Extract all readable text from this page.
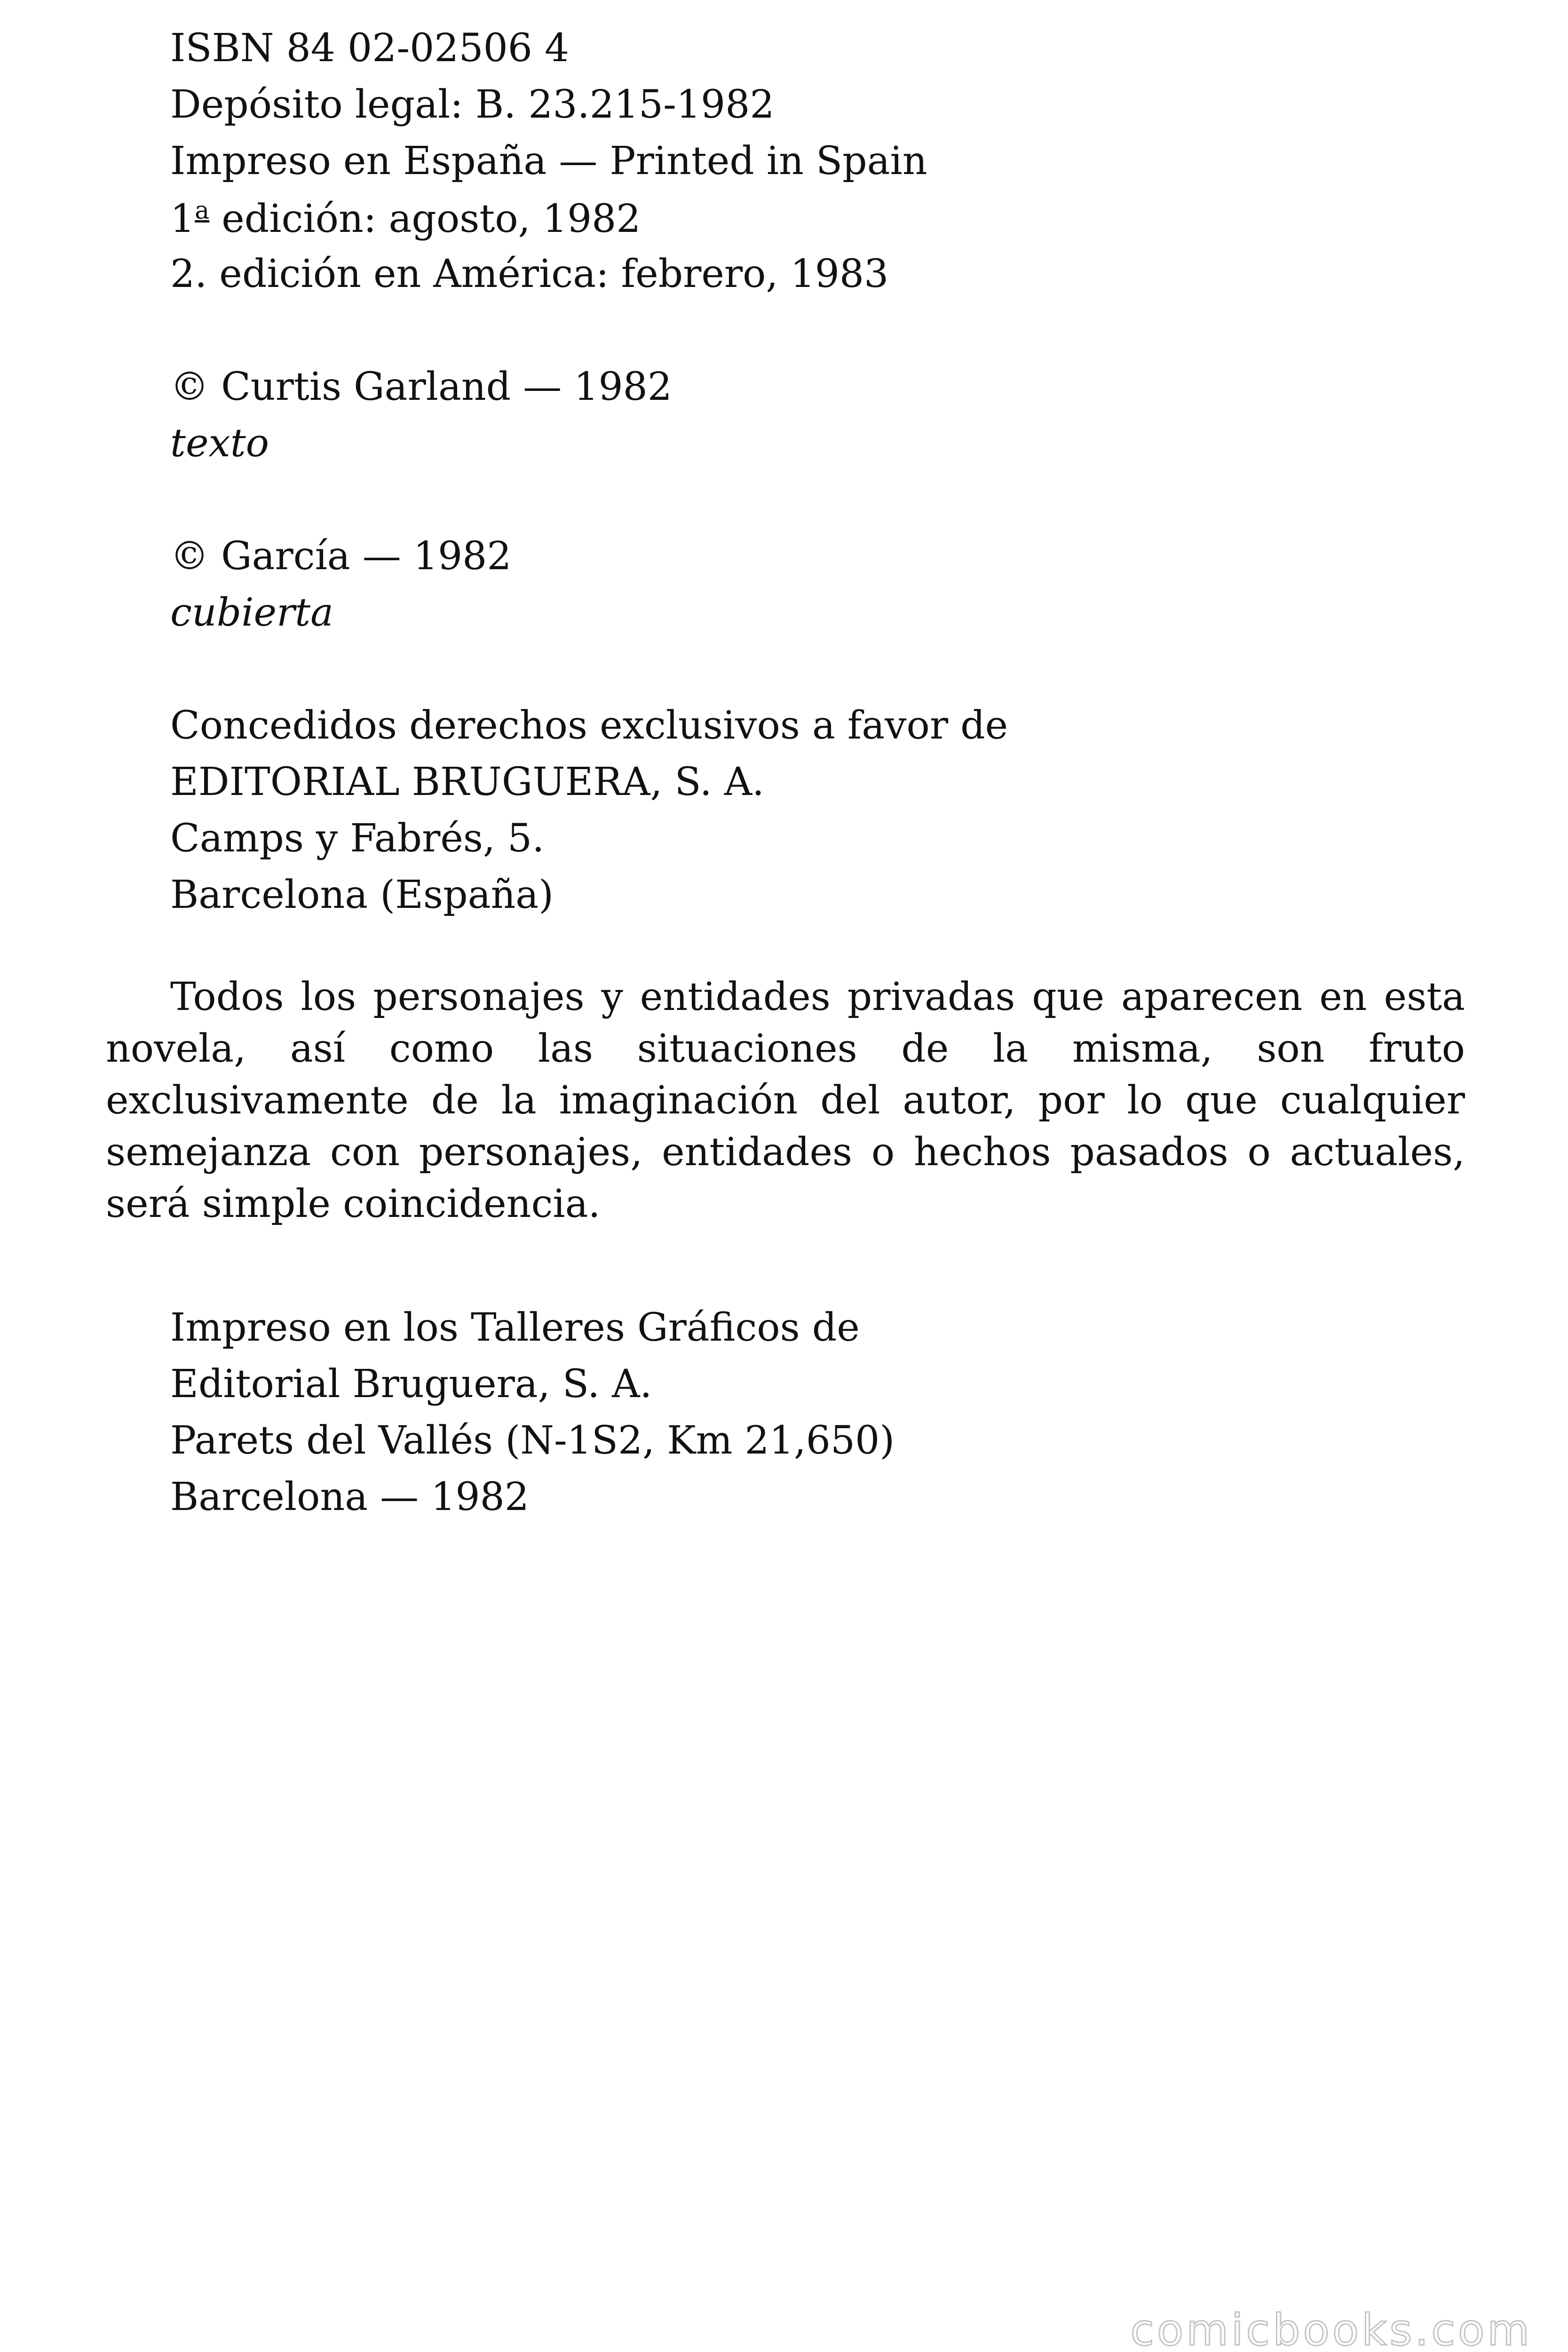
ISBN 84 02-02506 4
Depósito legal: B. 23.215-1982
Impreso en España — Printed in Spain
1$^a$ edición: agosto, 1982
2. edición en América: febrero, 1983
© Curtis Garland — 1982
texto
© García — 1982
cubierta
Concedidos derechos exclusivos a favor de
EDITORIAL BRUGUERA, S. A.
Camps y Fabrés, 5.
Barcelona (España)
Todos los personajes y entidades privadas que aparecen en esta novela, así como las situaciones de la misma, son fruto exclusivamente de la imaginación del autor, por lo que cualquier semejanza con personajes, entidades o hechos pasados o actuales, será simple coincidencia.
Impreso en los Talleres Gráficos de
Editorial Bruguera, S. A.
Parets del Vallés (N-1S2, Km 21,650)
Barcelona — 1982
comicbooks.com
